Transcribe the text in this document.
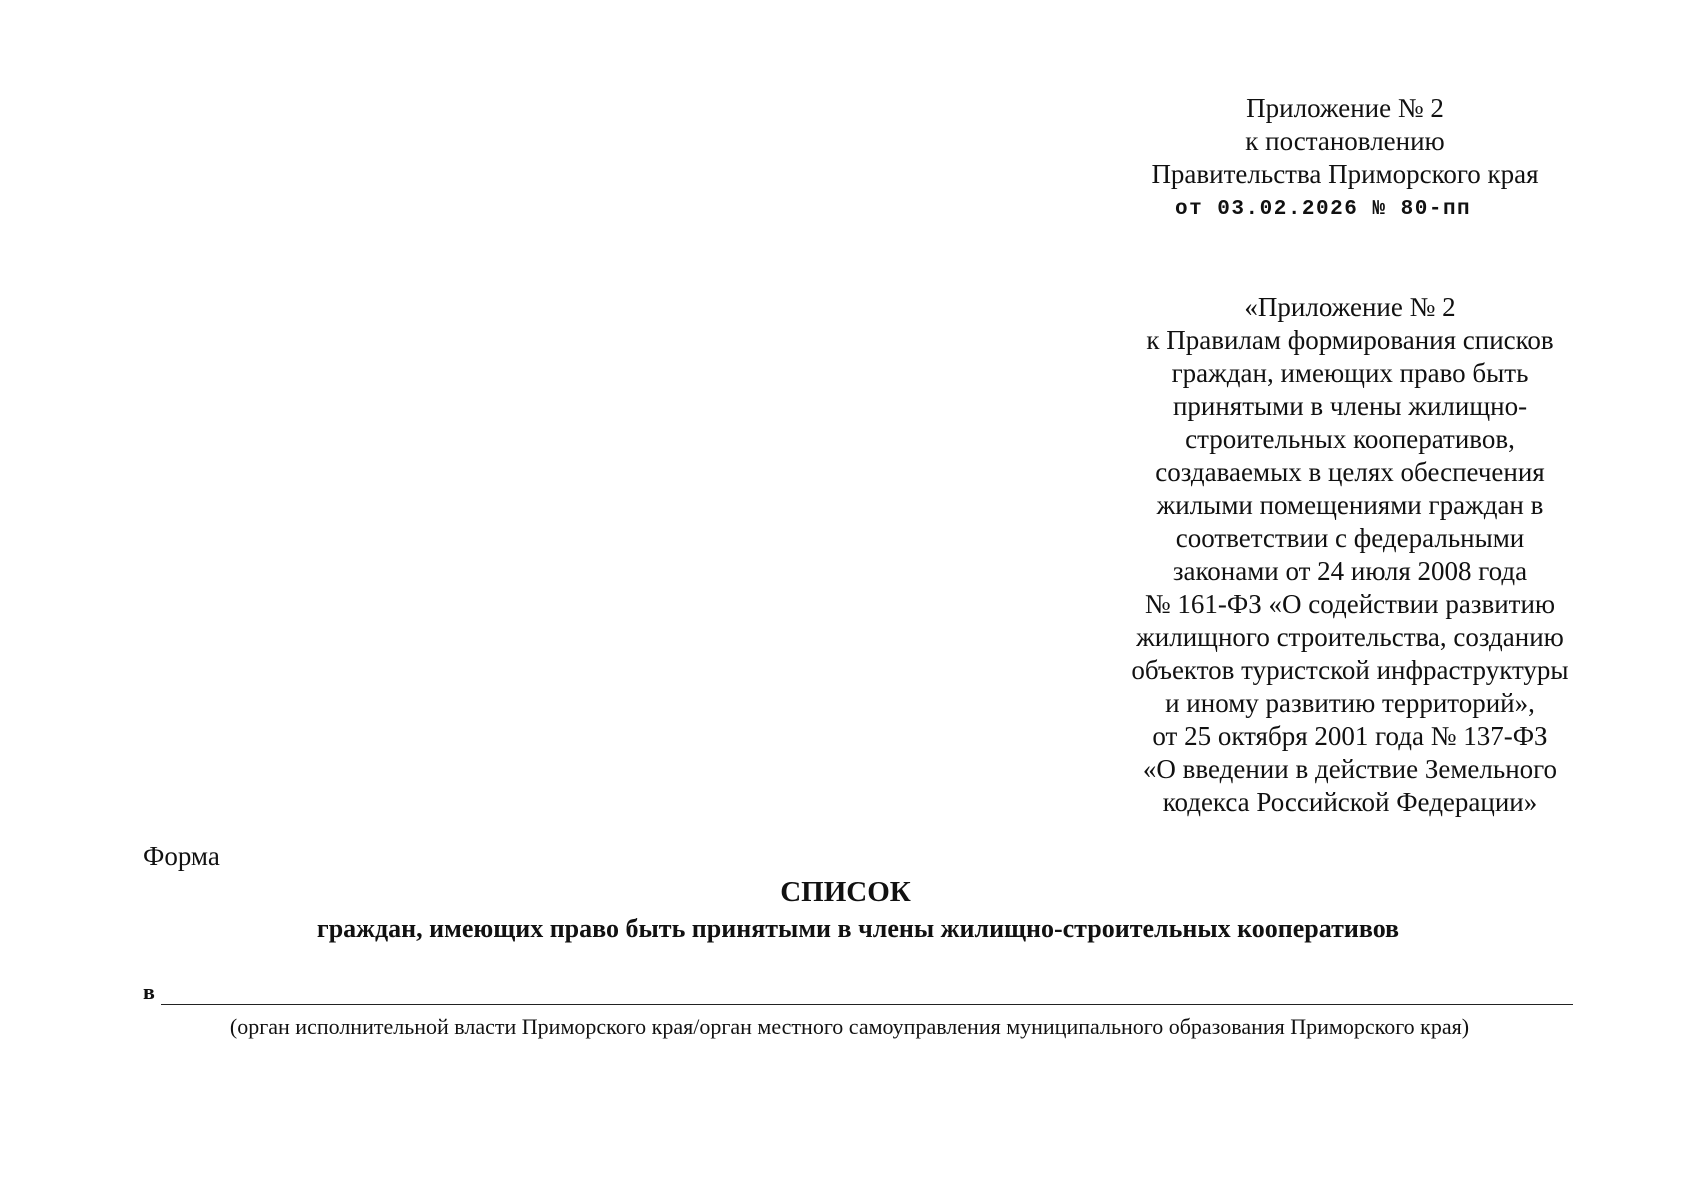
Приложение № 2
к постановлению
Правительства Приморского края
от 03.02.2026 № 80-пп
«Приложение № 2
к Правилам формирования списков
граждан, имеющих право быть
принятыми в члены жилищно-
строительных кооперативов,
создаваемых в целях обеспечения
жилыми помещениями граждан в
соответствии с федеральными
законами от 24 июля 2008 года
№ 161-ФЗ «О содействии развитию
жилищного строительства, созданию
объектов туристской инфраструктуры
и иному развитию территорий»,
от 25 октября 2001 года № 137-ФЗ
«О введении в действие Земельного
кодекса Российской Федерации»
Форма
СПИСОК
граждан, имеющих право быть принятыми в члены жилищно-строительных кооперативов
в
(орган исполнительной власти Приморского края/орган местного самоуправления муниципального образования Приморского края)
